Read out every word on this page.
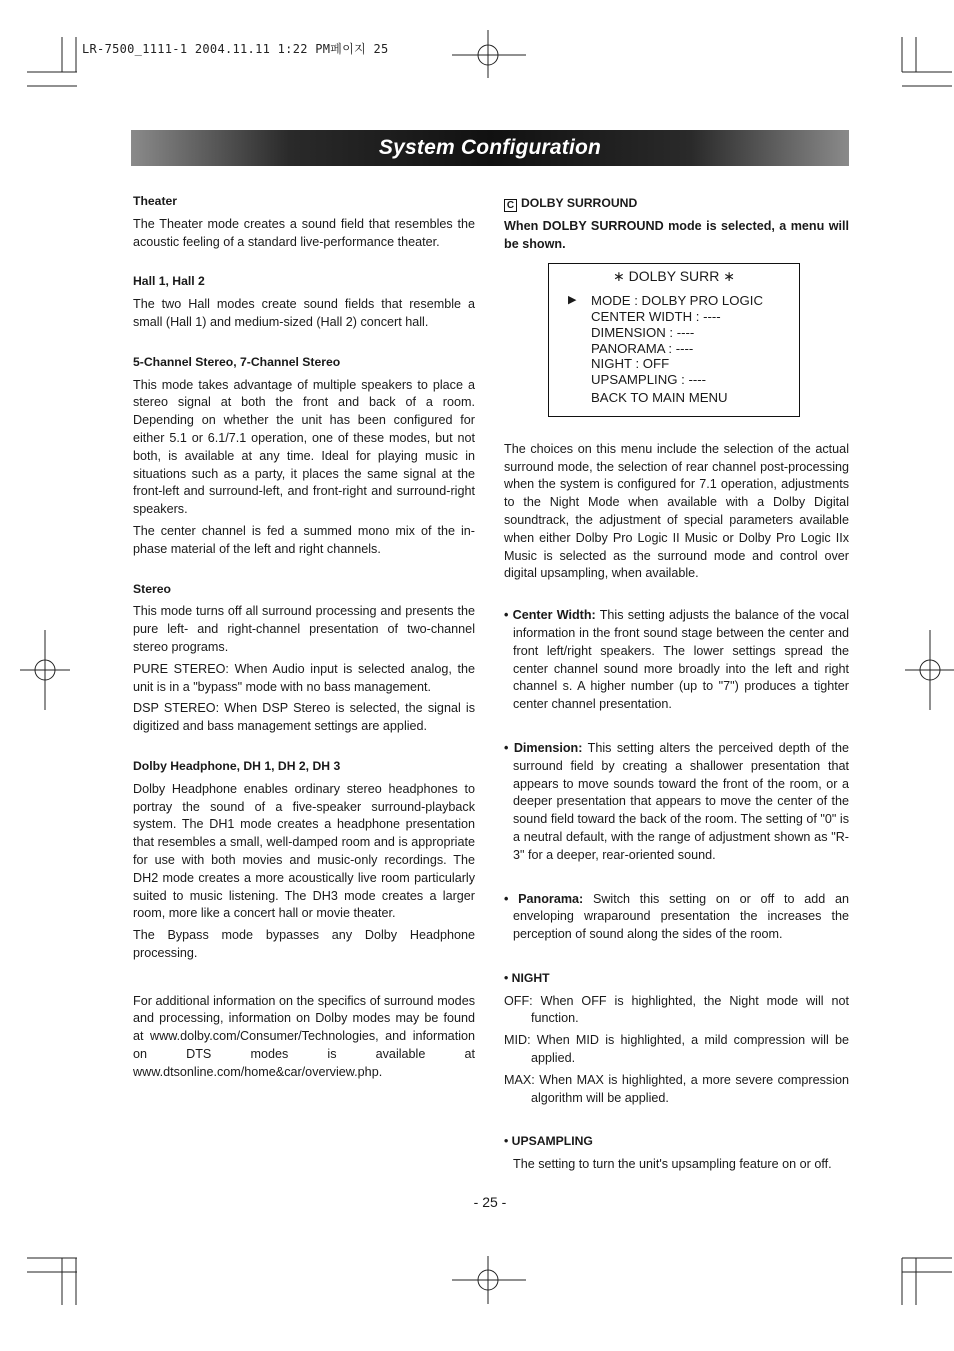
LR-7500_1111-1 2004.11.11 1:22 PM페이지 25
System Configuration
Theater

The Theater mode creates a sound field that resembles the acoustic feeling of a standard live-performance theater.

Hall 1, Hall 2

The two Hall modes create sound fields that resemble a small (Hall 1) and medium-sized (Hall 2) concert hall.

5-Channel Stereo, 7-Channel Stereo

This mode takes advantage of multiple speakers to place a stereo signal at both the front and back of a room. Depending on whether the unit has been configured for either 5.1 or 6.1/7.1 operation, one of these modes, but not both, is available at any time. Ideal for playing music in situations such as a party, it places the same signal at the front-left and surround-left, and front-right and surround-right speakers.

The center channel is fed a summed mono mix of the in-phase material of the left and right channels.

Stereo

This mode turns off all surround processing and presents the pure left- and right-channel presentation of two-channel stereo programs.

PURE STEREO: When Audio input is selected analog, the unit is in a "bypass" mode with no bass management.

DSP STEREO: When DSP Stereo is selected, the signal is digitized and bass management settings are applied.

Dolby Headphone, DH 1, DH 2, DH 3

Dolby Headphone enables ordinary stereo headphones to portray the sound of a five-speaker surround-playback system. The DH1 mode creates a headphone presentation that resembles a small, well-damped room and is appropriate for use with both movies and music-only recordings. The DH2 mode creates a more acoustically live room particularly suited to music listening. The DH3 mode creates a larger room, more like a concert hall or movie theater.

The Bypass mode bypasses any Dolby Headphone processing.

For additional information on the specifics of surround modes and processing, information on Dolby modes may be found at www.dolby.com/Consumer/Technologies, and information on DTS modes is available at www.dtsonline.com/home&car/overview.php.

C DOLBY SURROUND

When DOLBY SURROUND mode is selected, a menu will be shown.

∗ DOLBY SURR ∗
▶ MODE : DOLBY PRO LOGIC
CENTER WIDTH : ----
DIMENSION : ----
PANORAMA : ----
NIGHT : OFF
UPSAMPLING : ----
BACK TO MAIN MENU

The choices on this menu include the selection of the actual surround mode, the selection of rear channel post-processing when the system is configured for 7.1 operation, adjustments to the Night Mode when available with a Dolby Digital soundtrack, the adjustment of special parameters available when either Dolby Pro Logic II Music or Dolby Pro Logic IIx Music is selected as the surround mode and control over digital upsampling, when available.

• Center Width: This setting adjusts the balance of the vocal information in the front sound stage between the center and front left/right speakers. The lower settings spread the center channel sound more broadly into the left and right channel s. A higher number (up to "7") produces a tighter center channel presentation.

• Dimension: This setting alters the perceived depth of the surround field by creating a shallower presentation that appears to move sounds toward the front of the room, or a deeper presentation that appears to move the center of the sound field toward the back of the room. The setting of "0" is a neutral default, with the range of adjustment shown as "R-3" for a deeper, rear-oriented sound.

• Panorama: Switch this setting on or off to add an enveloping wraparound presentation the increases the perception of sound along the sides of the room.

• NIGHT

OFF: When OFF is highlighted, the Night mode will not function.

MID: When MID is highlighted, a mild compression will be applied.

MAX: When MAX is highlighted, a more severe compression algorithm will be applied.

• UPSAMPLING

The setting to turn the unit's upsampling feature on or off.

- 25 -
